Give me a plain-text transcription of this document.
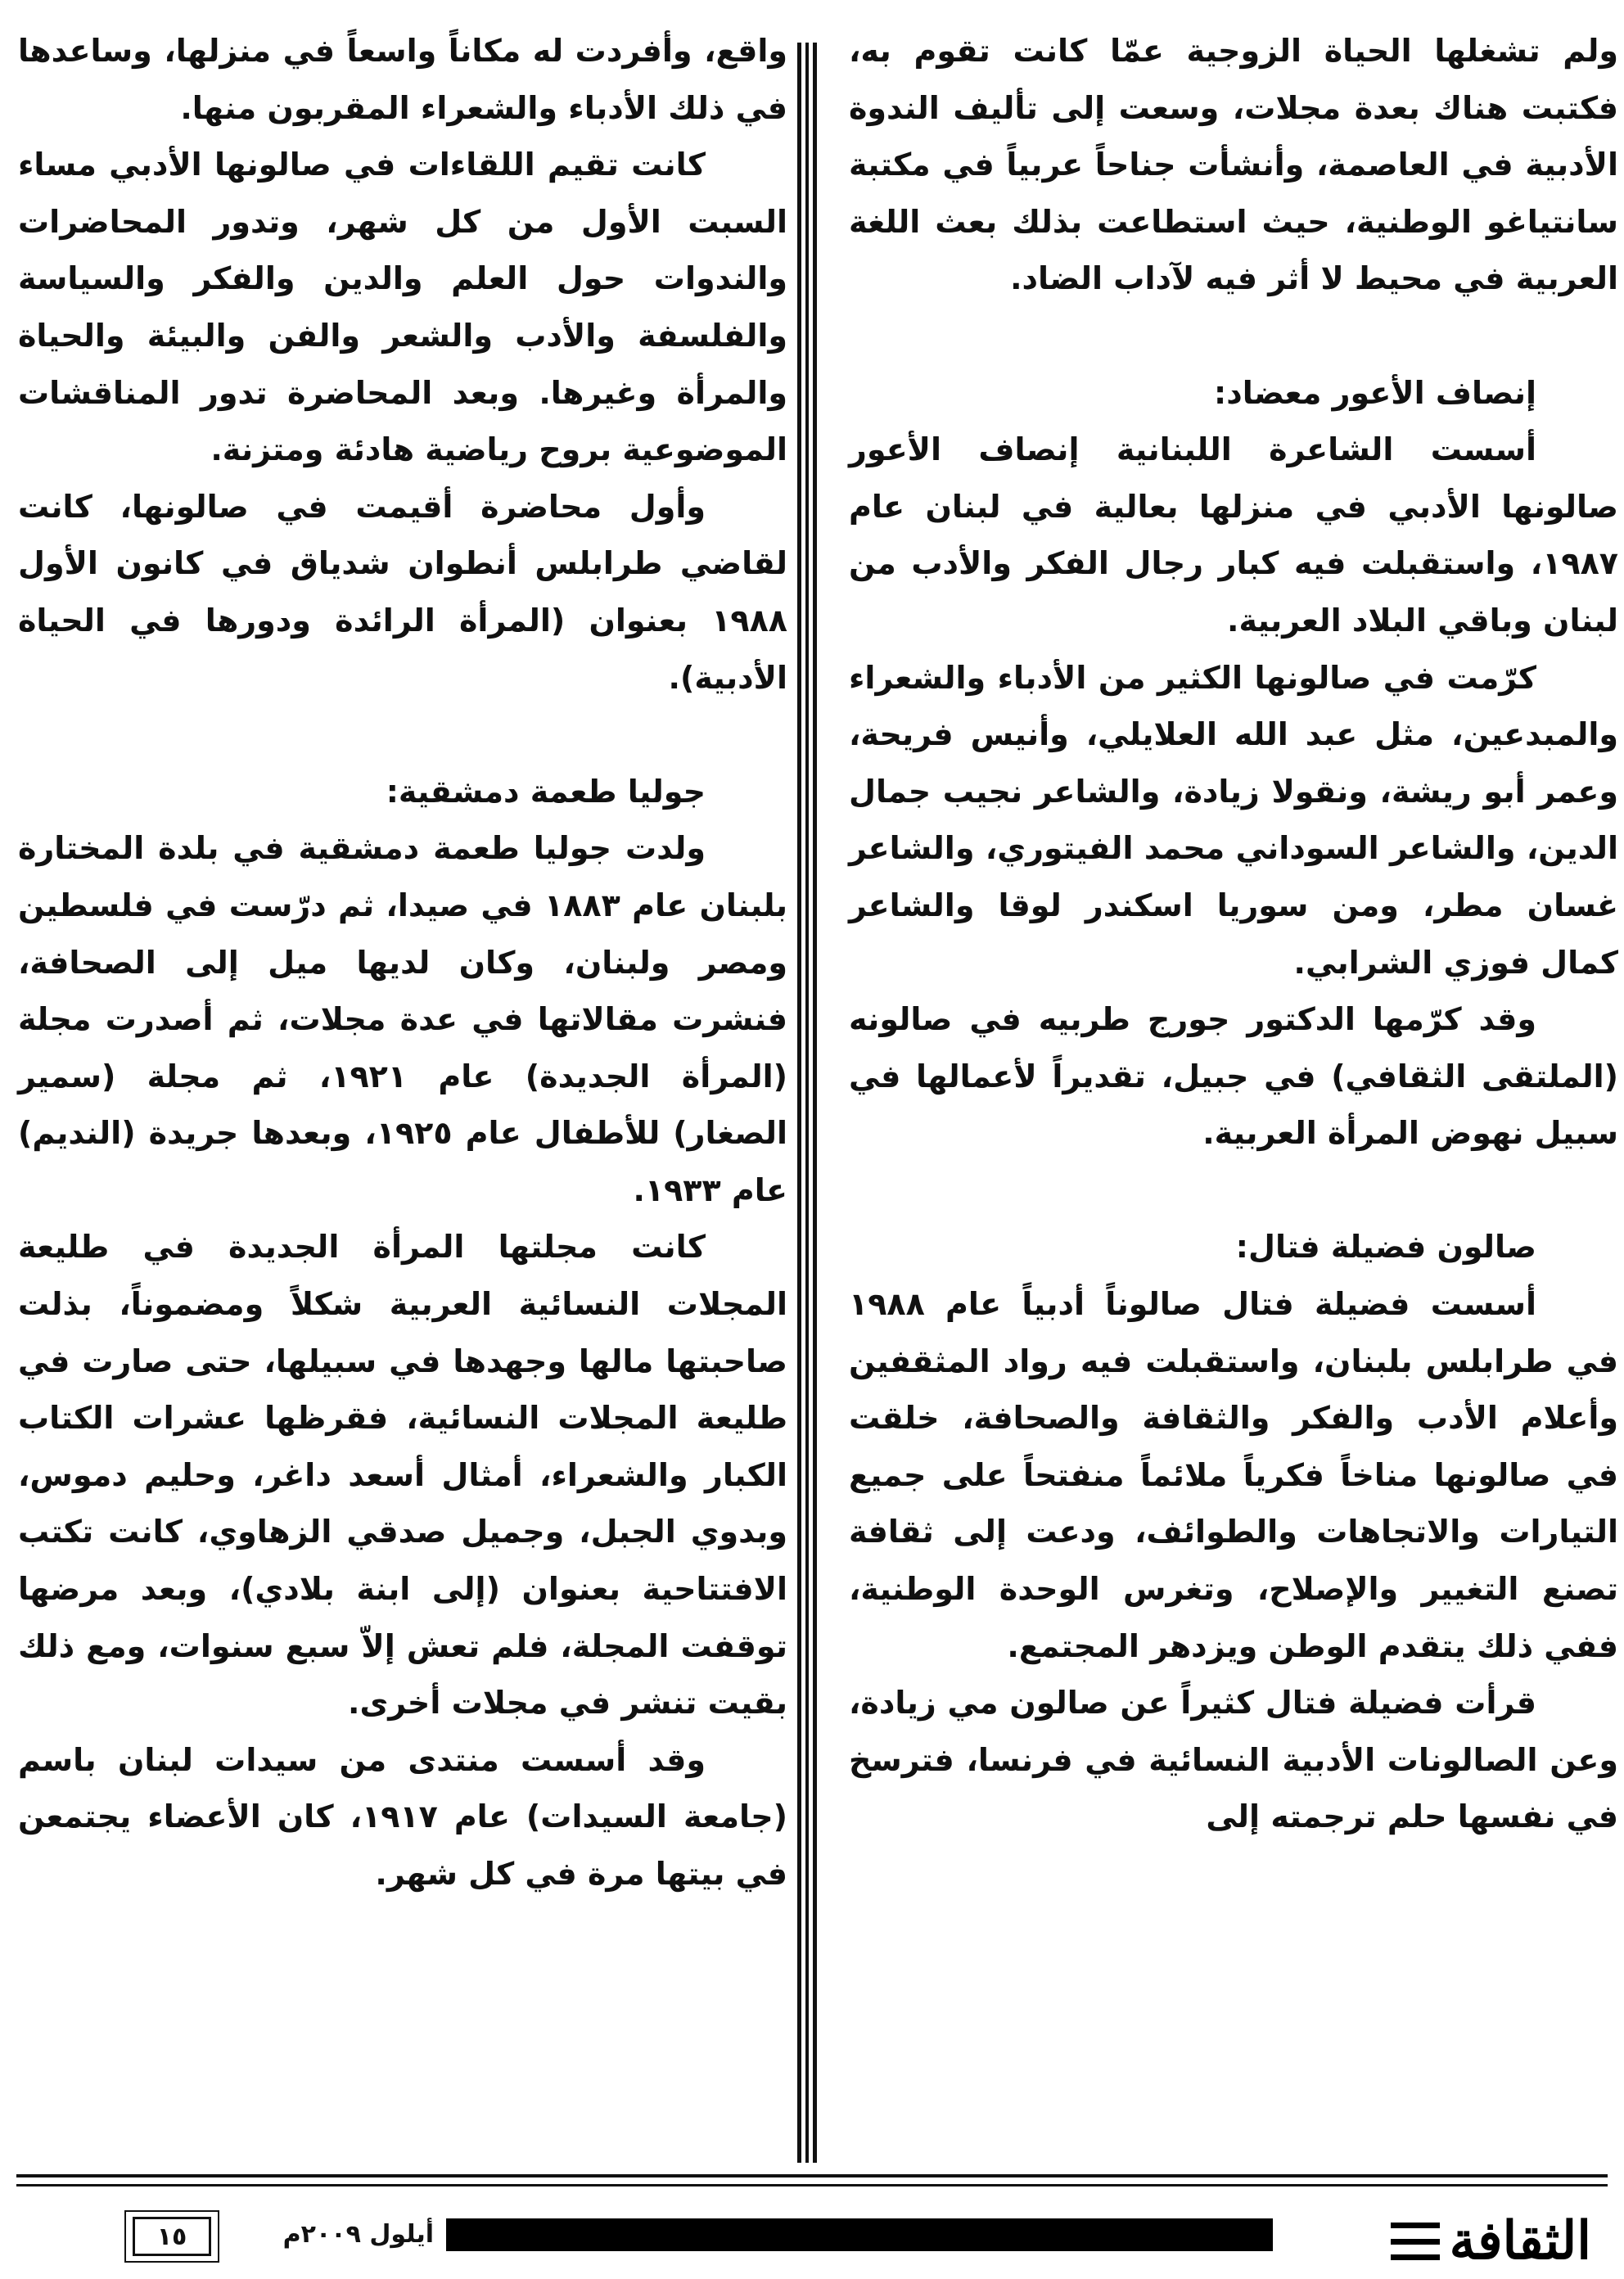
ولم تشغلها الحياة الزوجية عمّا كانت تقوم به، فكتبت هناك بعدة مجلات، وسعت إلى تأليف الندوة الأدبية في العاصمة، وأنشأت جناحاً عربياً في مكتبة سانتياغو الوطنية، حيث استطاعت بذلك بعث اللغة العربية في محيط لا أثر فيه لآداب الضاد.

إنصاف الأعور معضاد:

أسست الشاعرة اللبنانية إنصاف الأعور صالونها الأدبي في منزلها بعالية في لبنان عام ١٩٨٧، واستقبلت فيه كبار رجال الفكر والأدب من لبنان وباقي البلاد العربية.

كرّمت في صالونها الكثير من الأدباء والشعراء والمبدعين، مثل عبد الله العلايلي، وأنيس فريحة، وعمر أبو ريشة، ونقولا زيادة، والشاعر نجيب جمال الدين، والشاعر السوداني محمد الفيتوري، والشاعر غسان مطر، ومن سوريا اسكندر لوقا والشاعر كمال فوزي الشرابي.

وقد كرّمها الدكتور جورج طربيه في صالونه (الملتقى الثقافي) في جبيل، تقديراً لأعمالها في سبيل نهوض المرأة العربية.

صالون فضيلة فتال:

أسست فضيلة فتال صالوناً أدبياً عام ١٩٨٨ في طرابلس بلبنان، واستقبلت فيه رواد المثقفين وأعلام الأدب والفكر والثقافة والصحافة، خلقت في صالونها مناخاً فكرياً ملائماً منفتحاً على جميع التيارات والاتجاهات والطوائف، ودعت إلى ثقافة تصنع التغيير والإصلاح، وتغرس الوحدة الوطنية، ففي ذلك يتقدم الوطن ويزدهر المجتمع.

قرأت فضيلة فتال كثيراً عن صالون مي زيادة، وعن الصالونات الأدبية النسائية في فرنسا، فترسخ في نفسها حلم ترجمته إلى

واقع، وأفردت له مكاناً واسعاً في منزلها، وساعدها في ذلك الأدباء والشعراء المقربون منها.

كانت تقيم اللقاءات في صالونها الأدبي مساء السبت الأول من كل شهر، وتدور المحاضرات والندوات حول العلم والدين والفكر والسياسة والفلسفة والأدب والشعر والفن والبيئة والحياة والمرأة وغيرها. وبعد المحاضرة تدور المناقشات الموضوعية بروح رياضية هادئة ومتزنة.

وأول محاضرة أقيمت في صالونها، كانت لقاضي طرابلس أنطوان شدياق في كانون الأول ١٩٨٨ بعنوان (المرأة الرائدة ودورها في الحياة الأدبية).

جوليا طعمة دمشقية:

ولدت جوليا طعمة دمشقية في بلدة المختارة بلبنان عام ١٨٨٣ في صيدا، ثم درّست في فلسطين ومصر ولبنان، وكان لديها ميل إلى الصحافة، فنشرت مقالاتها في عدة مجلات، ثم أصدرت مجلة (المرأة الجديدة) عام ١٩٢١، ثم مجلة (سمير الصغار) للأطفال عام ١٩٢٥، وبعدها جريدة (النديم) عام ١٩٣٣.

كانت مجلتها المرأة الجديدة في طليعة المجلات النسائية العربية شكلاً ومضموناً، بذلت صاحبتها مالها وجهدها في سبيلها، حتى صارت في طليعة المجلات النسائية، فقرظها عشرات الكتاب الكبار والشعراء، أمثال أسعد داغر، وحليم دموس، وبدوي الجبل، وجميل صدقي الزهاوي، كانت تكتب الافتتاحية بعنوان (إلى ابنة بلادي)، وبعد مرضها توقفت المجلة، فلم تعش إلاّ سبع سنوات، ومع ذلك بقيت تنشر في مجلات أخرى.

وقد أسست منتدى من سيدات لبنان باسم (جامعة السيدات) عام ١٩١٧، كان الأعضاء يجتمعن في بيتها مرة في كل شهر.

الثقافة
أيلول ٢٠٠٩م
١٥
